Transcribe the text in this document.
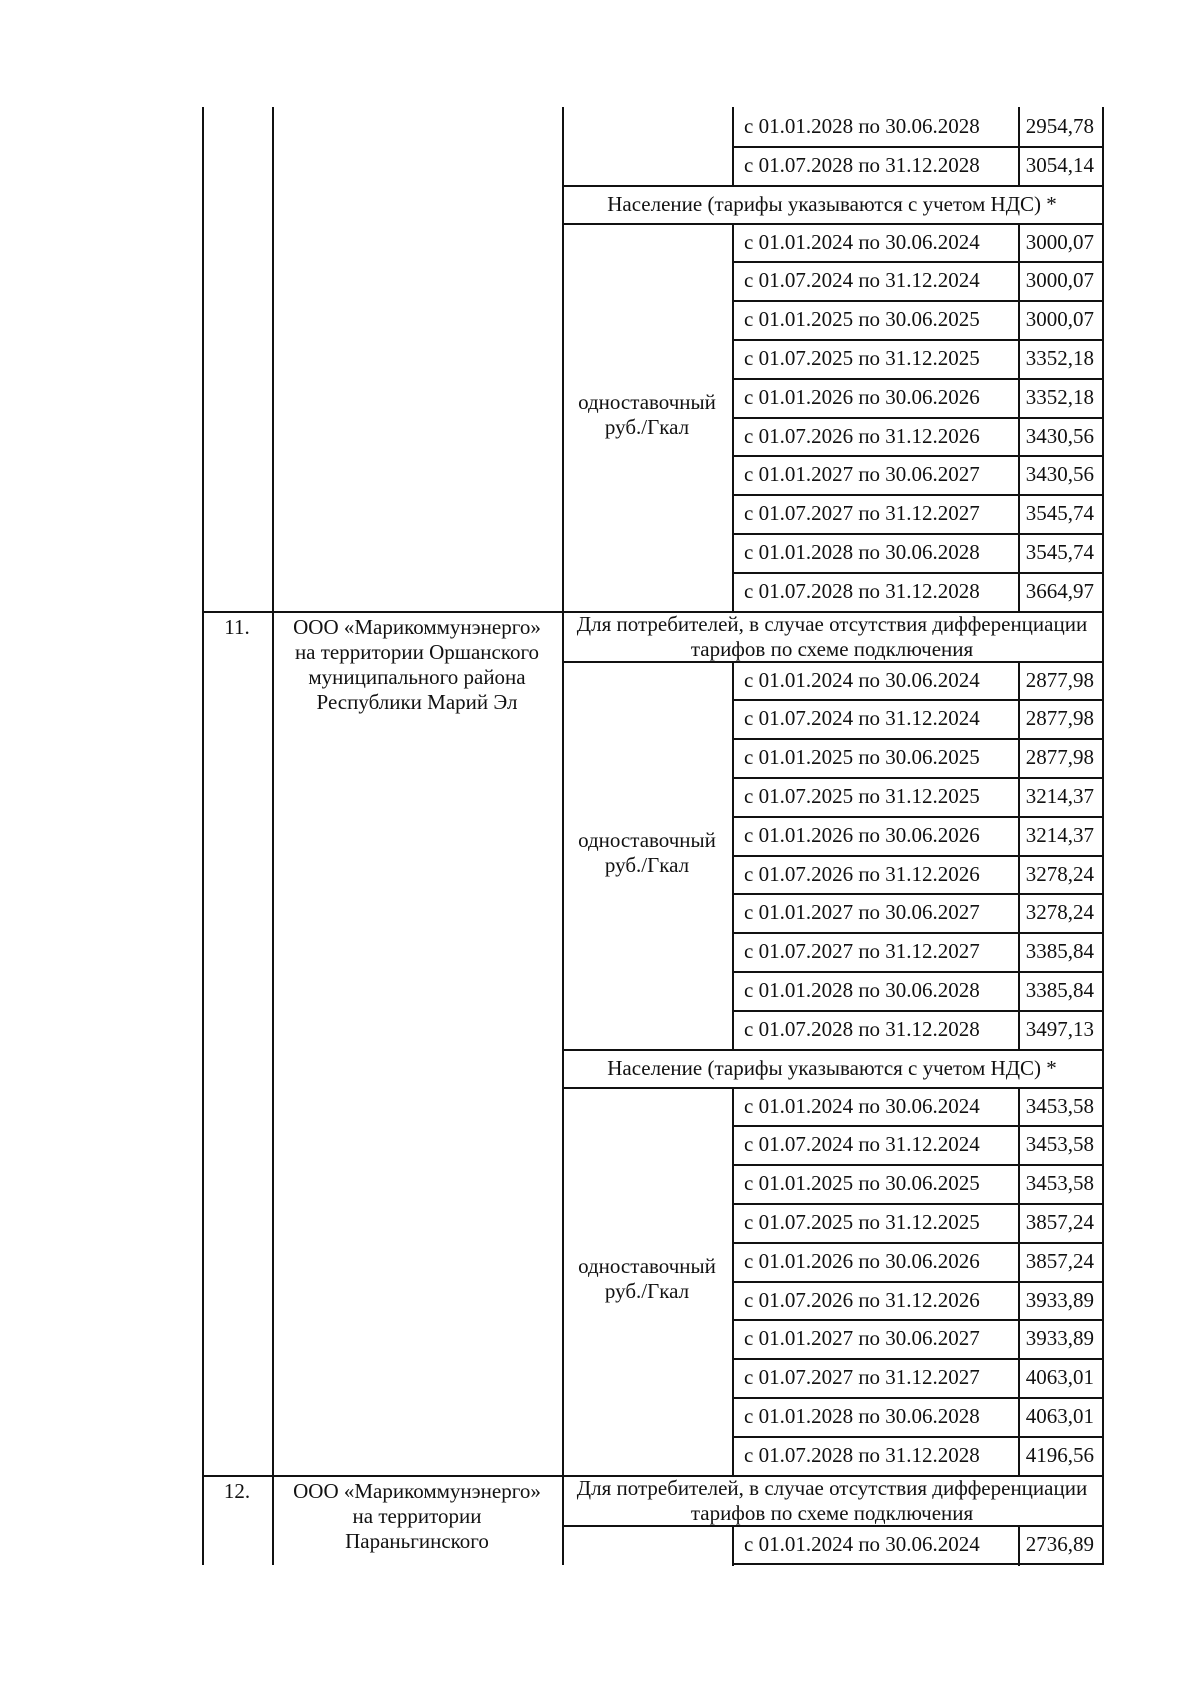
с 01.01.2028 по 30.06.2028	2954,78
с 01.07.2028 по 31.12.2028	3054,14
Население (тарифы указываются с учетом НДС) *
с 01.01.2024 по 30.06.2024	3000,07
с 01.07.2024 по 31.12.2024	3000,07
с 01.01.2025 по 30.06.2025	3000,07
с 01.07.2025 по 31.12.2025	3352,18
с 01.01.2026 по 30.06.2026	3352,18
с 01.07.2026 по 31.12.2026	3430,56
с 01.01.2027 по 30.06.2027	3430,56
с 01.07.2027 по 31.12.2027	3545,74
с 01.01.2028 по 30.06.2028	3545,74
с 01.07.2028 по 31.12.2028	3664,97
одноставочный
руб./Гкал
11.	ООО «Марикоммунэнерго»
на территории Оршанского
муниципального района
Республики Марий Эл
Для потребителей, в случае отсутствия дифференциации
тарифов по схеме подключения
с 01.01.2024 по 30.06.2024	2877,98
с 01.07.2024 по 31.12.2024	2877,98
с 01.01.2025 по 30.06.2025	2877,98
с 01.07.2025 по 31.12.2025	3214,37
с 01.01.2026 по 30.06.2026	3214,37
с 01.07.2026 по 31.12.2026	3278,24
с 01.01.2027 по 30.06.2027	3278,24
с 01.07.2027 по 31.12.2027	3385,84
с 01.01.2028 по 30.06.2028	3385,84
с 01.07.2028 по 31.12.2028	3497,13
одноставочный
руб./Гкал
Население (тарифы указываются с учетом НДС) *
с 01.01.2024 по 30.06.2024	3453,58
с 01.07.2024 по 31.12.2024	3453,58
с 01.01.2025 по 30.06.2025	3453,58
с 01.07.2025 по 31.12.2025	3857,24
с 01.01.2026 по 30.06.2026	3857,24
с 01.07.2026 по 31.12.2026	3933,89
с 01.01.2027 по 30.06.2027	3933,89
с 01.07.2027 по 31.12.2027	4063,01
с 01.01.2028 по 30.06.2028	4063,01
с 01.07.2028 по 31.12.2028	4196,56
одноставочный
руб./Гкал
12.	ООО «Марикоммунэнерго»
на территории
Параньгинского
Для потребителей, в случае отсутствия дифференциации
тарифов по схеме подключения
с 01.01.2024 по 30.06.2024	2736,89
